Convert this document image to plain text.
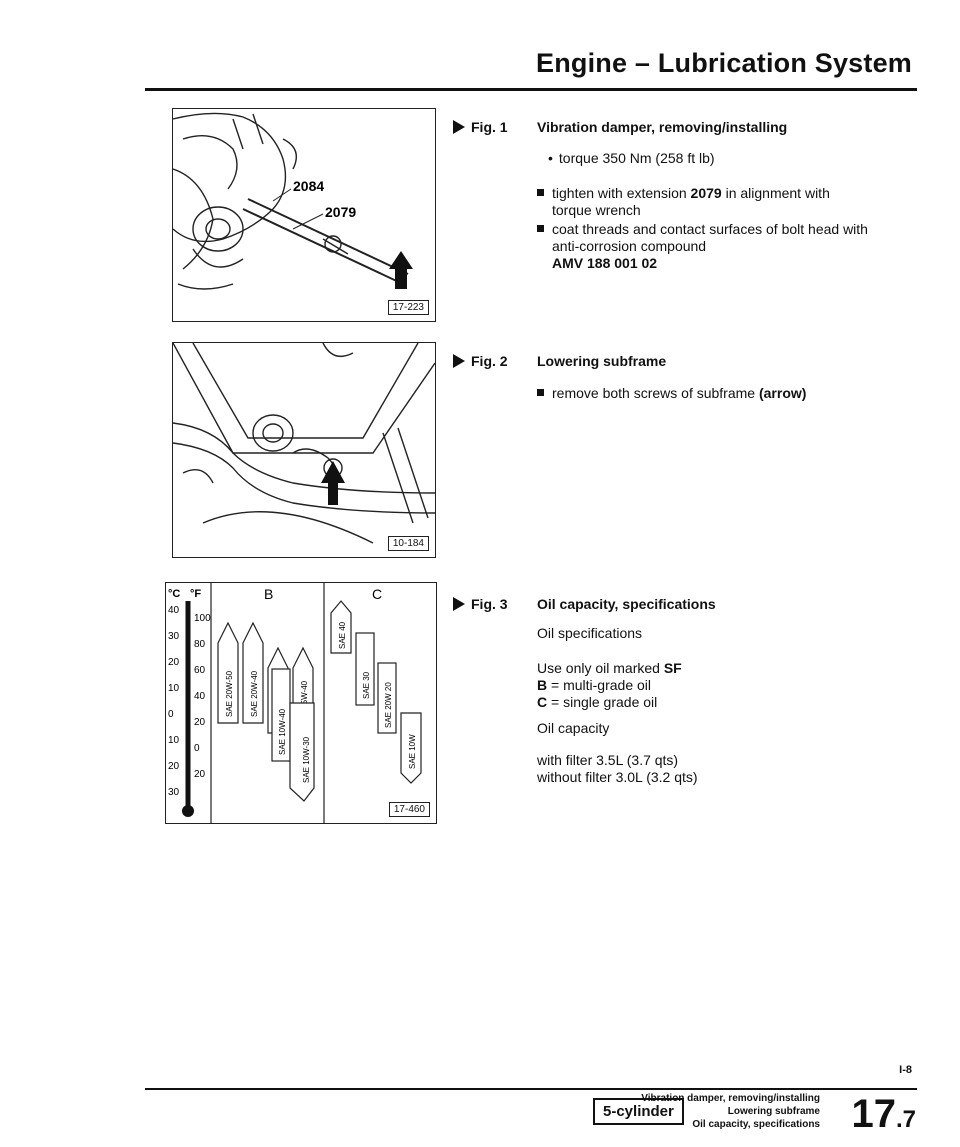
Engine – Lubrication System
2084
2079
17-223
Fig. 1 Vibration damper, removing/installing
• torque 350 Nm (258 ft lb)
tighten with extension 2079 in alignment with torque wrench
coat threads and contact surfaces of bolt head with anti-corrosion compound
AMV 188 001 02
10-184
Fig. 2 Lowering subframe
remove both screws of subframe (arrow)
B	C
°C °F
40
30
20
10
0
10
20
30
100
80
60
40
20
0
20
SAE 20W-50 SAE 20W-40
SAE 10W-40
SAE 10W-30
SAE 40
SAE 30 SAE 20W 20
SAE 10W
17-460
Fig. 3 Oil capacity, specifications
Oil specifications
Use only oil marked SF
B = multi-grade oil
C = single grade oil
Oil capacity
with filter 3.5L (3.7 qts)
without filter 3.0L (3.2 qts)
I-8
5-cylinder
Vibration damper, removing/installing
Lowering subframe
Oil capacity, specifications 17.7
